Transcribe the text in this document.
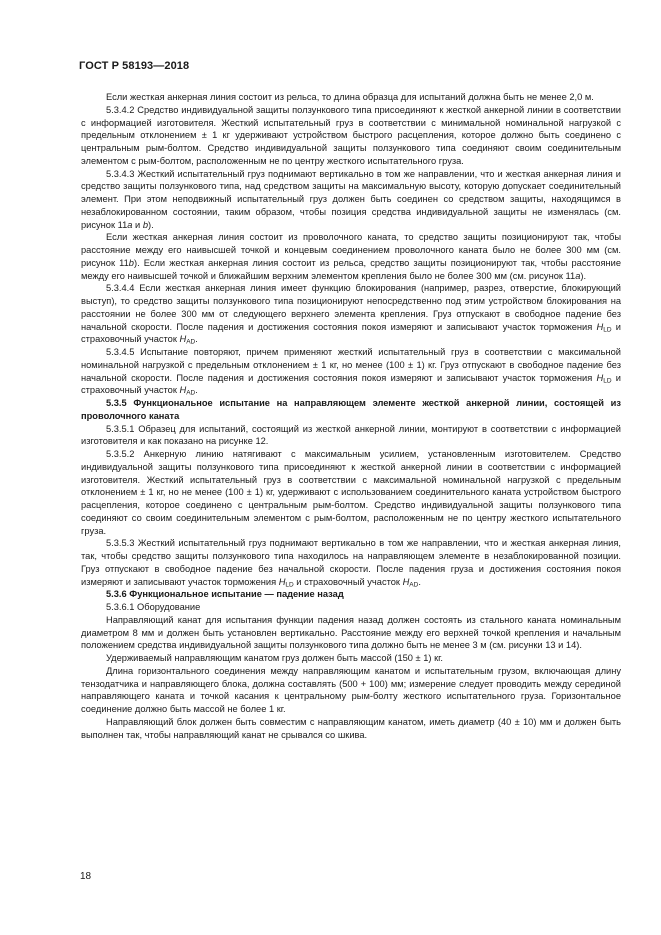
ГОСТ Р 58193—2018

Если жесткая анкерная линия состоит из рельса, то длина образца для испытаний должна быть не менее 2,0 м.

5.3.4.2 Средство индивидуальной защиты ползункового типа присоединяют к жесткой анкерной линии в соответствии с информацией изготовителя. Жесткий испытательный груз в соответствии с минимальной номинальной нагрузкой с предельным отклонением ± 1 кг удерживают устройством быстрого расцепления, которое должно быть соединено с центральным рым-болтом. Средство индивидуальной защиты ползункового типа соединяют своим соединительным элементом с рым-болтом, расположенным не по центру жесткого испытательного груза.

5.3.4.3 Жесткий испытательный груз поднимают вертикально в том же направлении, что и жесткая анкерная линия и средство защиты ползункового типа, над средством защиты на максимальную высоту, которую допускает соединительный элемент. При этом неподвижный испытательный груз должен быть соединен со средством защиты, находящимся в незаблокированном состоянии, таким образом, чтобы позиция средства индивидуальной защиты не изменялась (см. рисунок 11a и b).

Если жесткая анкерная линия состоит из проволочного каната, то средство защиты позиционируют так, чтобы расстояние между его наивысшей точкой и концевым соединением проволочного каната было не более 300 мм (см. рисунок 11b). Если жесткая анкерная линия состоит из рельса, средство защиты позиционируют так, чтобы расстояние между его наивысшей точкой и ближайшим верхним элементом крепления было не более 300 мм (см. рисунок 11a).

5.3.4.4 Если жесткая анкерная линия имеет функцию блокирования (например, разрез, отверстие, блокирующий выступ), то средство защиты ползункового типа позиционируют непосредственно под этим устройством блокирования на расстоянии не более 300 мм от следующего верхнего элемента крепления. Груз отпускают в свободное падение без начальной скорости. После падения и достижения состояния покоя измеряют и записывают участок торможения $H_{LD}$ и страховочный участок $H_{AD}$.

5.3.4.5 Испытание повторяют, причем применяют жесткий испытательный груз в соответствии с максимальной номинальной нагрузкой с предельным отклонением ± 1 кг, но менее (100 ± 1) кг. Груз отпускают в свободное падение без начальной скорости. После падения и достижения состояния покоя измеряют и записывают участок торможения $H_{LD}$ и страховочный участок $H_{AD}$.

5.3.5 Функциональное испытание на направляющем элементе жесткой анкерной линии, состоящей из проволочного каната

5.3.5.1 Образец для испытаний, состоящий из жесткой анкерной линии, монтируют в соответствии с информацией изготовителя и как показано на рисунке 12.

5.3.5.2 Анкерную линию натягивают с максимальным усилием, установленным изготовителем. Средство индивидуальной защиты ползункового типа присоединяют к жесткой анкерной линии в соответствии с информацией изготовителя. Жесткий испытательный груз в соответствии с максимальной номинальной нагрузкой с предельным отклонением ± 1 кг, но не менее (100 ± 1) кг, удерживают с использованием соединительного каната устройством быстрого расцепления, которое соединено с центральным рым-болтом. Средство индивидуальной защиты ползункового типа соединяют со своим соединительным элементом с рым-болтом, расположенным не по центру жесткого испытательного груза.

5.3.5.3 Жесткий испытательный груз поднимают вертикально в том же направлении, что и жесткая анкерная линия, так, чтобы средство защиты ползункового типа находилось на направляющем элементе в незаблокированной позиции. Груз отпускают в свободное падение без начальной скорости. После падения груза и достижения состояния покоя измеряют и записывают участок торможения $H_{LD}$ и страховочный участок $H_{AD}$.

5.3.6 Функциональное испытание — падение назад

5.3.6.1 Оборудование

Направляющий канат для испытания функции падения назад должен состоять из стального каната номинальным диаметром 8 мм и должен быть установлен вертикально. Расстояние между его верхней точкой крепления и начальным положением средства индивидуальной защиты ползункового типа должно быть не менее 3 м (см. рисунки 13 и 14).

Удерживаемый направляющим канатом груз должен быть массой (150 ± 1) кг.

Длина горизонтального соединения между направляющим канатом и испытательным грузом, включающая длину тензодатчика и направляющего блока, должна составлять (500 + 100) мм; измерение следует проводить между серединой направляющего каната и точкой касания к центральному рым-болту жесткого испытательного груза. Горизонтальное соединение должно быть массой не более 1 кг.

Направляющий блок должен быть совместим с направляющим канатом, иметь диаметр (40 ± 10) мм и должен быть выполнен так, чтобы направляющий канат не срывался со шкива.

18
